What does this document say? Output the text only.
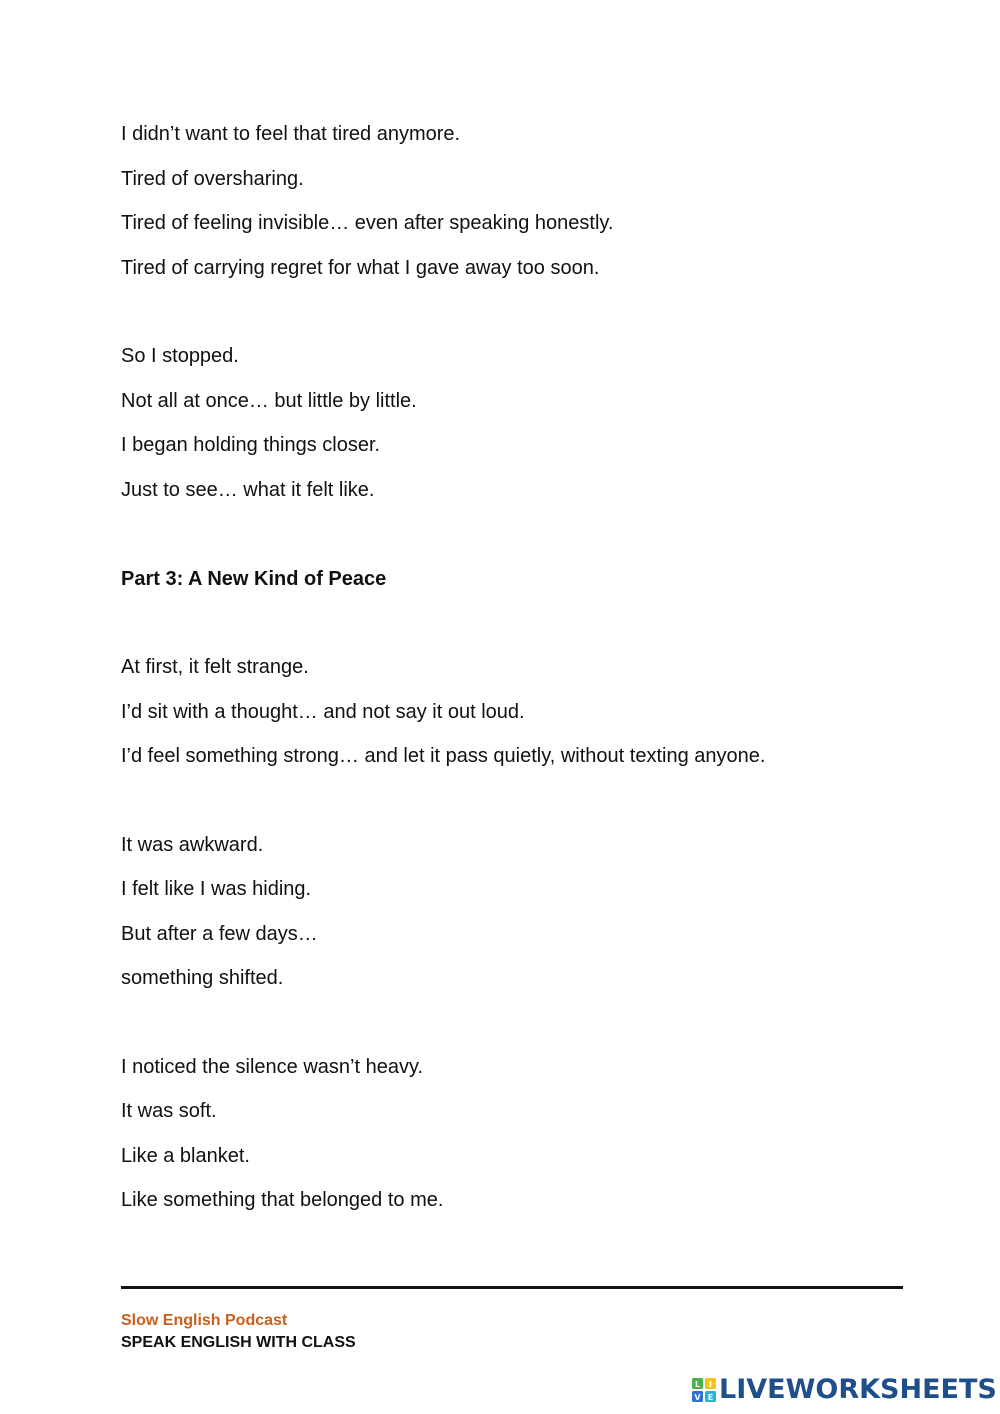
I didn’t want to feel that tired anymore.

Tired of oversharing.

Tired of feeling invisible… even after speaking honestly.

Tired of carrying regret for what I gave away too soon.

So I stopped.

Not all at once… but little by little.

I began holding things closer.

Just to see… what it felt like.

Part 3: A New Kind of Peace

At first, it felt strange.

I’d sit with a thought… and not say it out loud.

I’d feel something strong… and let it pass quietly, without texting anyone.

It was awkward.

I felt like I was hiding.

But after a few days…

something shifted.

I noticed the silence wasn’t heavy.

It was soft.

Like a blanket.

Like something that belonged to me.

Slow English Podcast
SPEAK ENGLISH WITH CLASS
L I
V E LIVEWORKSHEETS
